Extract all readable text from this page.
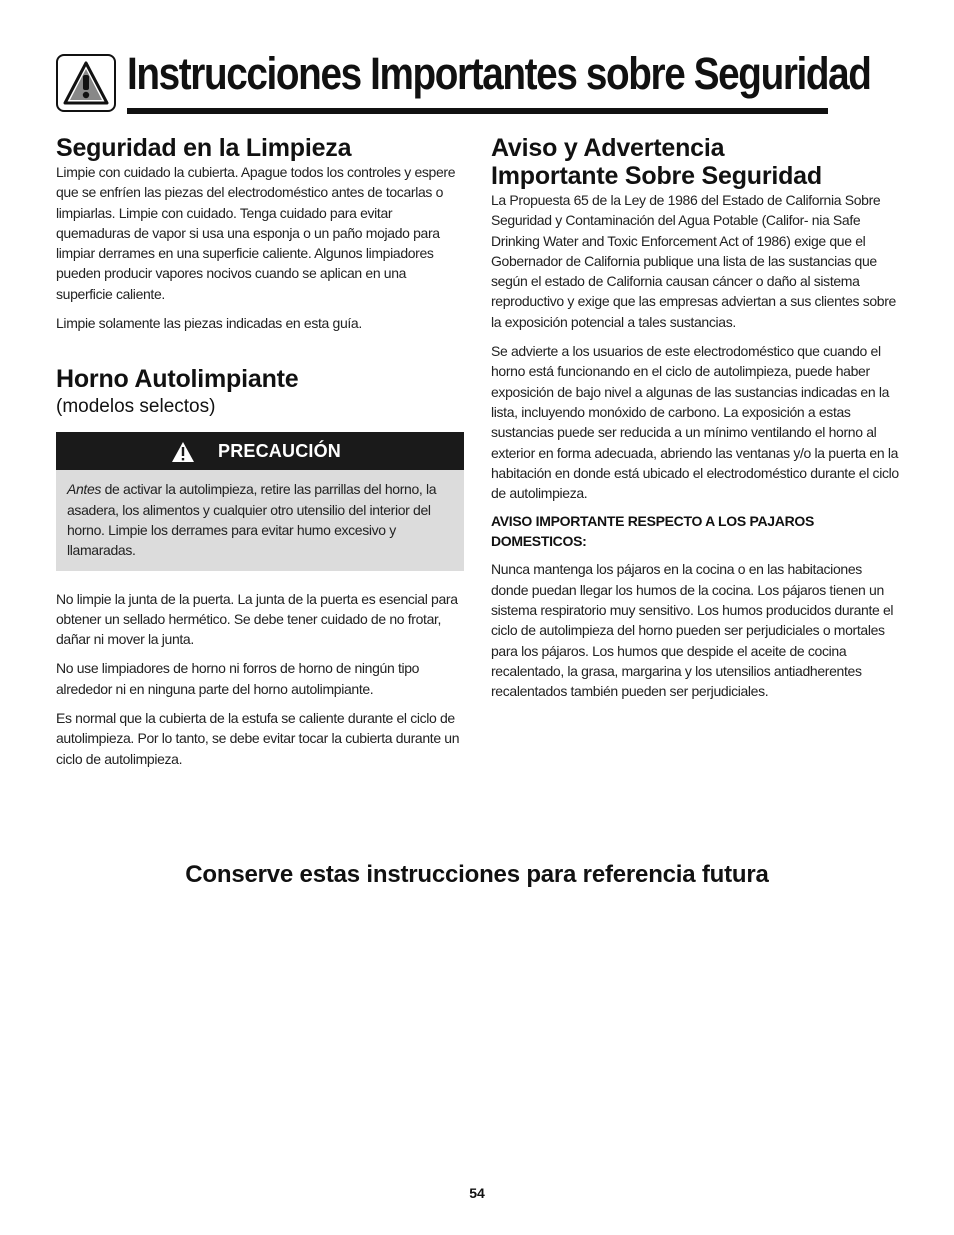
Instrucciones Importantes sobre Seguridad
Seguridad en la Limpieza

Limpie con cuidado la cubierta. Apague todos los controles y espere que se enfríen las piezas del electrodoméstico antes de tocarlas o limpiarlas. Limpie con cuidado. Tenga cuidado para evitar quemaduras de vapor si usa una esponja o un paño mojado para limpiar derrames en una superficie caliente. Algunos limpiadores pueden producir vapores nocivos cuando se aplican en una superficie caliente.

Limpie solamente las piezas indicadas en esta guía.

Horno Autolimpiante
(modelos selectos)
PRECAUCIÓN

Antes de activar la autolimpieza, retire las parrillas del horno, la asadera, los alimentos y cualquier otro utensilio del interior del horno. Limpie los derrames para evitar humo excesivo y llamaradas.

No limpie la junta de la puerta. La junta de la puerta es esencial para obtener un sellado hermético. Se debe tener cuidado de no frotar, dañar ni mover la junta.

No use limpiadores de horno ni forros de horno de ningún tipo alrededor ni en ninguna parte del horno autolimpiante.

Es normal que la cubierta de la estufa se caliente durante el ciclo de autolimpieza. Por lo tanto, se debe evitar tocar la cubierta durante un ciclo de autolimpieza.

Aviso y Advertencia
Importante Sobre Seguridad

La Propuesta 65 de la Ley de 1986 del Estado de California Sobre Seguridad y Contaminación del Agua Potable (Califor- nia Safe Drinking Water and Toxic Enforcement Act of 1986) exige que el Gobernador de California publique una lista de las sustancias que según el estado de California causan cáncer o daño al sistema reproductivo y exige que las empresas adviertan a sus clientes sobre la exposición potencial a tales sustancias.

Se advierte a los usuarios de este electrodoméstico que cuando el horno está funcionando en el ciclo de autolimpieza, puede haber exposición de bajo nivel a algunas de las sustancias indicadas en la lista, incluyendo monóxido de carbono. La exposición a estas sustancias puede ser reducida a un mínimo ventilando el horno al exterior en forma adecuada, abriendo las ventanas y/o la puerta en la habitación en donde está ubicado el electrodoméstico durante el ciclo de autolimpieza.

AVISO IMPORTANTE RESPECTO A LOS PAJAROS DOMESTICOS:

Nunca mantenga los pájaros en la cocina o en las habitaciones donde puedan llegar los humos de la cocina. Los pájaros tienen un sistema respiratorio muy sensitivo. Los humos producidos durante el ciclo de autolimpieza del horno pueden ser perjudiciales o mortales para los pájaros. Los humos que despide el aceite de cocina recalentado, la grasa, margarina y los utensilios antiadherentes recalentados también pueden ser perjudiciales.

Conserve estas instrucciones para referencia futura
54
